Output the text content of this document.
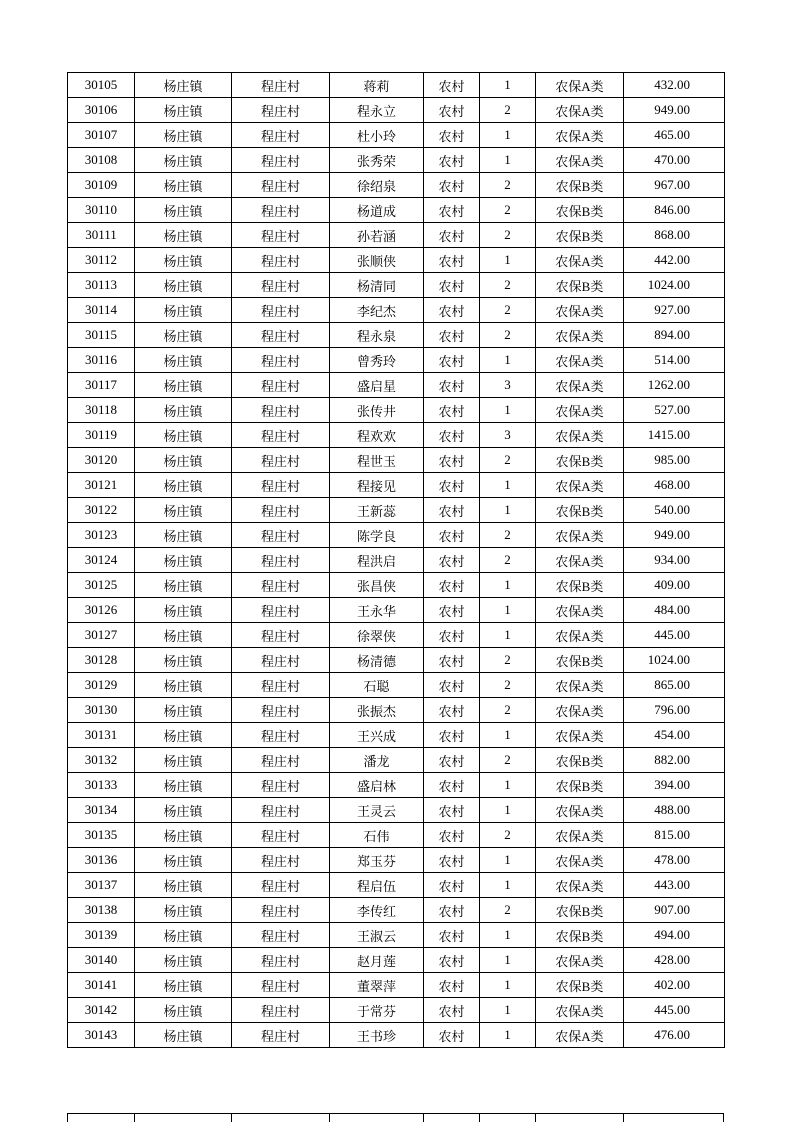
30105	杨庄镇	程庄村	蒋莉	农村	1	农保A类	432.00
30106	杨庄镇	程庄村	程永立	农村	2	农保A类	949.00
30107	杨庄镇	程庄村	杜小玲	农村	1	农保A类	465.00
30108	杨庄镇	程庄村	张秀荣	农村	1	农保A类	470.00
30109	杨庄镇	程庄村	徐绍泉	农村	2	农保B类	967.00
30110	杨庄镇	程庄村	杨道成	农村	2	农保B类	846.00
30111	杨庄镇	程庄村	孙若涵	农村	2	农保B类	868.00
30112	杨庄镇	程庄村	张顺侠	农村	1	农保A类	442.00
30113	杨庄镇	程庄村	杨清同	农村	2	农保B类	1024.00
30114	杨庄镇	程庄村	李纪杰	农村	2	农保A类	927.00
30115	杨庄镇	程庄村	程永泉	农村	2	农保A类	894.00
30116	杨庄镇	程庄村	曾秀玲	农村	1	农保A类	514.00
30117	杨庄镇	程庄村	盛启星	农村	3	农保A类	1262.00
30118	杨庄镇	程庄村	张传井	农村	1	农保A类	527.00
30119	杨庄镇	程庄村	程欢欢	农村	3	农保A类	1415.00
30120	杨庄镇	程庄村	程世玉	农村	2	农保B类	985.00
30121	杨庄镇	程庄村	程接见	农村	1	农保A类	468.00
30122	杨庄镇	程庄村	王新蕊	农村	1	农保B类	540.00
30123	杨庄镇	程庄村	陈学良	农村	2	农保A类	949.00
30124	杨庄镇	程庄村	程洪启	农村	2	农保A类	934.00
30125	杨庄镇	程庄村	张昌侠	农村	1	农保B类	409.00
30126	杨庄镇	程庄村	王永华	农村	1	农保A类	484.00
30127	杨庄镇	程庄村	徐翠侠	农村	1	农保A类	445.00
30128	杨庄镇	程庄村	杨清德	农村	2	农保B类	1024.00
30129	杨庄镇	程庄村	石聪	农村	2	农保A类	865.00
30130	杨庄镇	程庄村	张振杰	农村	2	农保A类	796.00
30131	杨庄镇	程庄村	王兴成	农村	1	农保A类	454.00
30132	杨庄镇	程庄村	潘龙	农村	2	农保B类	882.00
30133	杨庄镇	程庄村	盛启林	农村	1	农保B类	394.00
30134	杨庄镇	程庄村	王灵云	农村	1	农保A类	488.00
30135	杨庄镇	程庄村	石伟	农村	2	农保A类	815.00
30136	杨庄镇	程庄村	郑玉芬	农村	1	农保A类	478.00
30137	杨庄镇	程庄村	程启伍	农村	1	农保A类	443.00
30138	杨庄镇	程庄村	李传红	农村	2	农保B类	907.00
30139	杨庄镇	程庄村	王淑云	农村	1	农保B类	494.00
30140	杨庄镇	程庄村	赵月莲	农村	1	农保A类	428.00
30141	杨庄镇	程庄村	董翠萍	农村	1	农保B类	402.00
30142	杨庄镇	程庄村	于常芬	农村	1	农保A类	445.00
30143	杨庄镇	程庄村	王书珍	农村	1	农保A类	476.00
